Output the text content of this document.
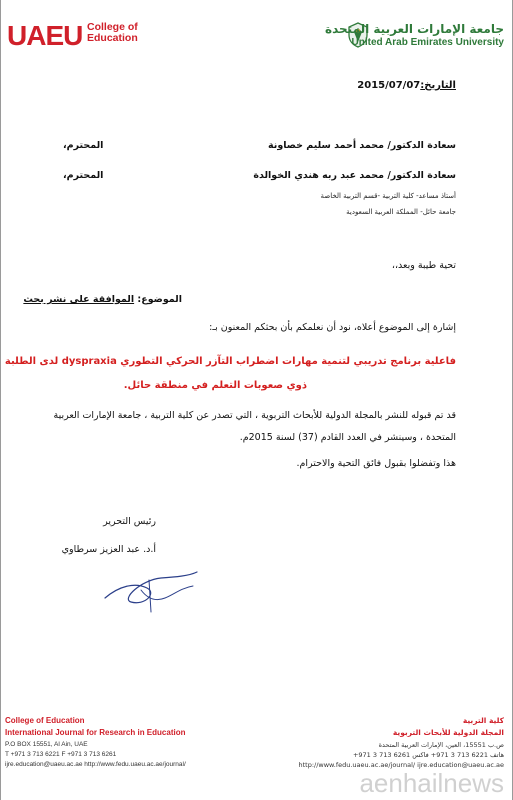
UAEU College of
Education
جامعة الإمارات العربية المتحدة
United Arab Emirates University
التاريخ:2015/07/07
سعادة الدكتور/ محمد أحمد سليم خصاونة
المحترم،
سعادة الدكتور/ محمد عبد ربه هندي الخوالدة
المحترم،
أستاذ مساعد- كلية التربية -قسم التربية الخاصة
جامعة حائل- المملكة العربية السعودية
تحية طيبة وبعد،،
الموضوع: الموافقة على نشر بحث
إشارة إلى الموضوع أعلاه، نود أن نعلمكم بأن بحثكم المعنون بـ:
فاعلية برنامج تدريبي لتنمية مهارات اضطراب التآزر الحركي التطوري dyspraxia لدى الطلبة
ذوي صعوبات التعلم في منطقة حائل.
قد تم قبوله للنشر بالمجلة الدولية للأبحاث التربوية ، التي تصدر عن كلية التربية ، جامعة الإمارات العربية
المتحدة ، وسينشر في العدد القادم (37) لسنة 2015م.
هذا وتفضلوا بقبول فائق التحية والاحترام.
رئيس التحرير
أ.د. عبد العزيز سرطاوي
College of Education
International Journal for Research in Education
P.O BOX 15551, Al Ain, UAE
T +971 3 713 6221 F +971 3 713 6261
ijre.education@uaeu.ac.ae http://www.fedu.uaeu.ac.ae/journal/
كلية التربية
المجلة الدولية للأبحاث التربوية
ص.ب 15551، العين، الإمارات العربية المتحدة
هاتف 6221 713 3 971+ فاكس 6261 713 3 971+
http://www.fedu.uaeu.ac.ae/journal/ ijre.education@uaeu.ac.ae
aenhailnews
